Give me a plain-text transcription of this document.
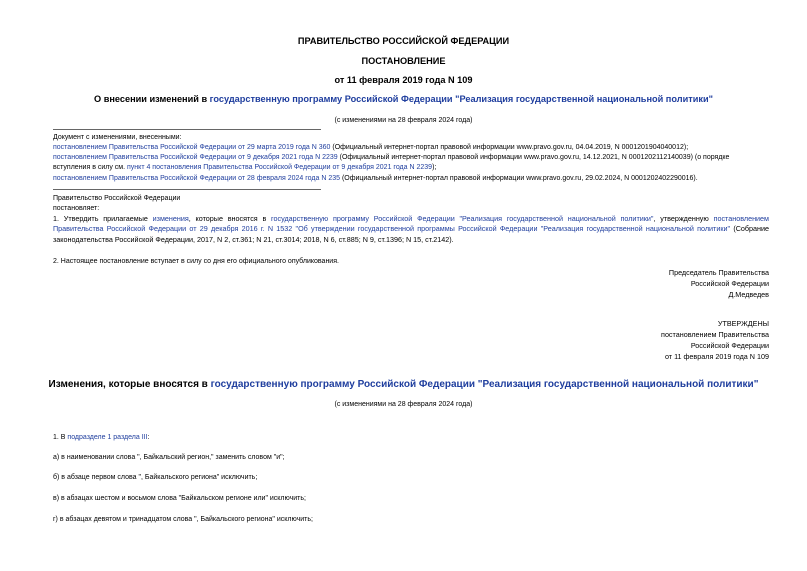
ПРАВИТЕЛЬСТВО РОССИЙСКОЙ ФЕДЕРАЦИИ
ПОСТАНОВЛЕНИЕ
от 11 февраля 2019 года N 109
О внесении изменений в государственную программу Российской Федерации "Реализация государственной национальной политики"
(с изменениями на 28 февраля 2024 года)
Документ с изменениями, внесенными:
постановлением Правительства Российской Федерации от 29 марта 2019 года N 360 (Официальный интернет-портал правовой информации www.pravo.gov.ru, 04.04.2019, N 0001201904040012);
постановлением Правительства Российской Федерации от 9 декабря 2021 года N 2239 (Официальный интернет-портал правовой информации www.pravo.gov.ru, 14.12.2021, N 0001202112140039) (о порядке
вступления в силу см. пункт 4 постановления Правительства Российской Федерации от 9 декабря 2021 года N 2239);
постановлением Правительства Российской Федерации от 28 февраля 2024 года N 235 (Официальный интернет-портал правовой информации www.pravo.gov.ru, 29.02.2024, N 0001202402290016).
Правительство Российской Федерации
постановляет:
1. Утвердить прилагаемые изменения, которые вносятся в государственную программу Российской Федерации "Реализация государственной национальной политики", утвержденную постановлением Правительства Российской Федерации от 29 декабря 2016 г. N 1532 "Об утверждении государственной программы Российской Федерации "Реализация государственной национальной политики" (Собрание законодательства Российской Федерации, 2017, N 2, ст.361; N 21, ст.3014; 2018, N 6, ст.885; N 9, ст.1396; N 15, ст.2142).
2. Настоящее постановление вступает в силу со дня его официального опубликования.
Председатель Правительства
Российской Федерации
Д.Медведев
УТВЕРЖДЕНЫ
постановлением Правительства
Российской Федерации
от 11 февраля 2019 года N 109
Изменения, которые вносятся в государственную программу Российской Федерации "Реализация государственной национальной политики"
(с изменениями на 28 февраля 2024 года)
1. В подразделе 1 раздела III:
а) в наименовании слова ", Байкальский регион," заменить словом "и";
б) в абзаце первом слова ", Байкальского региона" исключить;
в) в абзацах шестом и восьмом слова "Байкальском регионе или" исключить;
г) в абзацах девятом и тринадцатом слова ", Байкальского региона" исключить;
